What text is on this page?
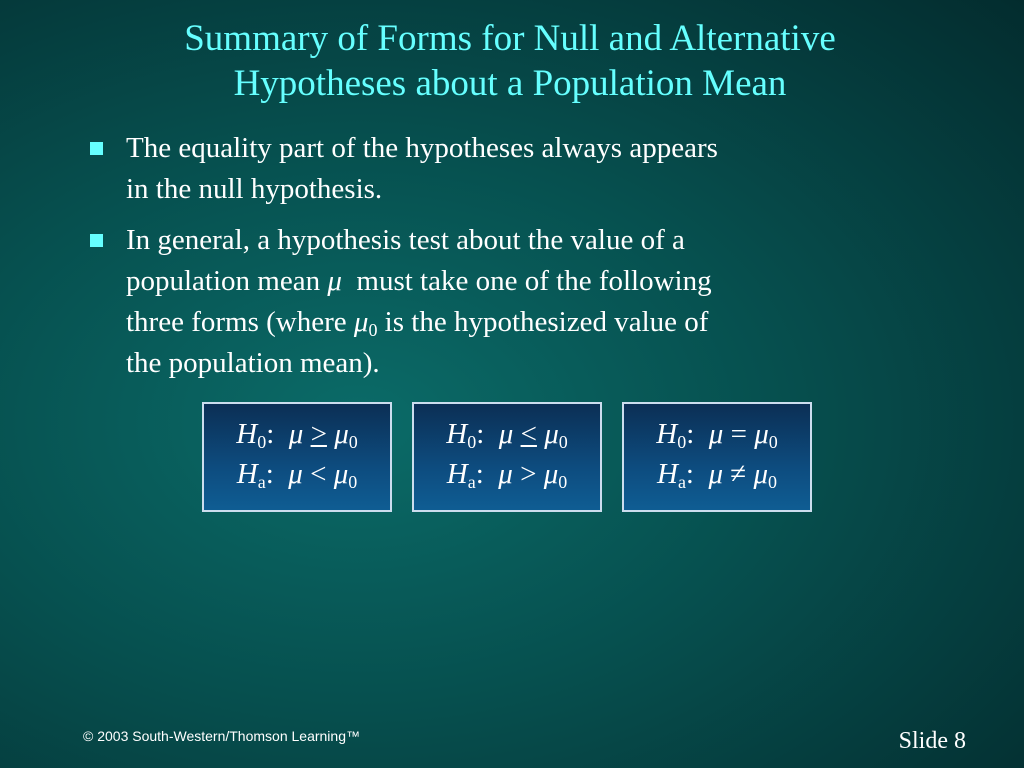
Summary of Forms for Null and Alternative
Hypotheses about a Population Mean
The equality part of the hypotheses always appears
in the null hypothesis.
In general, a hypothesis test about the value of a
population mean μ  must take one of the following
three forms (where $\mu_0$ is the hypothesized value of
the population mean).
$H_0$:  $\mu > \mu_0$
$H_a$:  $\mu < \mu_0$
$H_0$:  $\mu < \mu_0$
$H_a$:  $\mu > \mu_0$
$H_0$:  $\mu = \mu_0$
$H_a$:  $\mu \ne \mu_0$
© 2003 South-Western/Thomson Learning™	Slide 8
